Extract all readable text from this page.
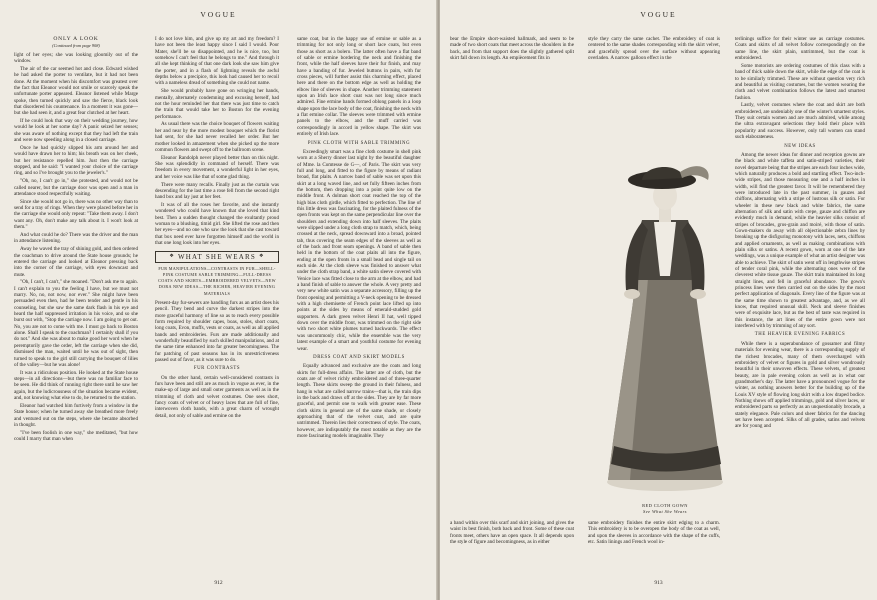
VOGUE
ONLY A LOOK
(Continued from page 908)

light of her eyes; she was looking gloomily out of the window.

The air of the car seemed hot and close. Edward wished he had asked the porter to ventilate, but it had not been done. At the moment when his discomfort was greatest over the fact that Eleanor would not smile or scarcely speak the unfortunate porter appeared. Eleanor listened while Marge spoke, then turned quickly and saw the fierce, black look that disordered his countenance. In a moment it was gone—but she had seen it, and a great fear clutched at her heart.

If he could look that way on their wedding journey, how would he look at her some day? A panic seized her senses; she was aware of nothing except that they had left the train and were now speeding along in a closed carriage.

Once he had quickly slipped his arm around her and would have drawn her to him; his breath was on her cheek, but her resistance repelled him. Just then the carriage stopped, and he said: "I wanted your choice of the carriage ring, and so I've brought you to the jeweler's."

"Oh, no, I can't go in," she protested, and would not be called nearer, but the carriage door was open and a man in attendance stood respectfully waiting.

Since she would not go in, there was no other way than to send for a tray of rings. When they were placed before her in the carriage she would only repeat: "Take them away. I don't want any. Oh, don't make any talk about it. I won't look at them."

And what could he do? There was the driver and the man in attendance listening.

Away he waved the tray of shining gold, and then ordered the coachman to drive around the State house grounds; he entered the carriage and looked at Eleanor pressing back into the corner of the carriage, with eyes downcast and mute.

"Oh, I can't, I can't," she moaned. "Don't ask me to again. I can't explain to you the feeling I have, but we must not marry. No, no, not now, nor ever." She might have been persuaded even then, had he been tender and gentle in his counseling, but she saw the same dark flash in his eye and heard the half suppressed irritation in his voice, and so she burst out with, "Stop the carriage now. I am going to get out. No, you are not to come with me. I must go back to Boston alone. Shall I speak to the coachman? I certainly shall if you do not." And she was about to make good her word when he peremptorily gave the order, left the carriage when she did, dismissed the man, waited until he was out of sight, then turned to speak to the girl still carrying the bouquet of lilies of the valley—but he was alone!

It was a ridiculous position. He looked at the State house steps—in all directions—but there was no familiar face to be seen. He did think of running right there until he saw her again, but the ludicrousness of the situation became evident, and, not knowing what else to do, he returned to the station.

Eleanor had watched him furtively from a window in the State house; when he turned away she breathed more freely and ventured out on the steps, where she became absorbed in thought.

"I've been foolish in one way," she meditated, "but how could I marry that man when

I do not love him, and give up my art and my freedom? I have not been the least happy since I said I would. Poor Mater, she'll be so disappointed, and he is nice, too, but somehow I can't feel that he belongs to me." And through it all she kept thinking of that one dark look she saw him give the porter, and in a flash of lightning reveals the awful depths below a precipice, this look had caused her to recoil with a nameless dread of something she could not name.

She would probably have gone on wringing her hands, mentally, alternately condemning and excusing herself, had not the hour reminded her that there was just time to catch the train that would take her to Boston for the evening performance.

As usual there was the choice bouquet of flowers waiting her and near by the more modest bouquet which the florist had sent, for she had never recalled her order. But her mother looked in amazement when she picked up the more common flowers and swept off to the ballroom scene.

Eleanor Randolph never played better than on this night. She was splendidly in command of herself. There was freedom in every movement, a wonderful light in her eyes, and her voice was like that of some glad thing.

There were many recalls. Finally just as the curtain was descending for the last time a rose fell from the second right hand box and lay just at her feet.

It was of all the roses her favorite, and she instantly wondered who could have known that she loved that kind best. Then a sudden thought changed the exultantly proud woman to a blushing, timid girl. She lifted the rose and then her eyes—and no one who saw the look that she cast toward that box need ever have forgotten himself and the world in that one long look into her eyes.

❖ WHAT SHE WEARS ❖
FUR MANIPULATIONS—CONTRASTS IN FUR—SHELL-PINK COSTUME SABLE TRIMMING—FULL-DRESS COATS AND SKIRTS—EMBROIDERED VELVETS—NEW DORA NEW IDEAS—THE RICHER, HEAVIER EVENING MATERIALS

Present-day fur-sewers are handling furs as an artist does his pencil. They bend and curve the darkest stripes into the more graceful harmony of line so as to reach every possible form required by shoulder capes, boas, stoles, short coats, long coats, Evon, muffs, vests or coats, as well as all applied bands and embroideries. Furs are made additionally and wonderfully beautified by such skilled manipulations, and at the same time enhanced into far greater becomingness. The fur patching of past seasons has in its unrestrictiveness passed out of favor, as it was sure to do.

FUR CONTRASTS

On the other hand, certain well-considered contrasts in furs have been and still are as much in vogue as ever, in the make-up of large and small outer garments as well as in the trimming of cloth and velvet costumes. One sees short, fancy coats of velvet or of heavy laces that are full of fine, interwoven cloth bands, with a great charm of wrought detail, not only of sable and ermine on the

same coat, but in the happy use of ermine or sable as a trimming for not only long or short lace coats, but even those as short as a bolero. The latter often have a flat band of sable or ermine bordering the neck and finishing the front, while the half sleeves have their fur finish, and may have a banding of fur. Jeweled buttons in pairs, with fur cross pieces, will further assist this charming effect, placed here and there on the bottom edge as well as holding the elbow line of sleeves in shape. Another trimming statement upon an Irish lace short coat was not long since much admired. Fine ermine bands formed oblong panels in a loop shape upon the lace body of the coat, finishing the neck with a flat ermine collar. The sleeves were trimmed with ermine panels to the elbow, and the muff carried was correspondingly in accord in yellow shape. The skirt was entirely of Irish lace.

PINK CLOTH WITH SABLE TRIMMING

Exceedingly smart was a fine cloth costume in shell pink worn at a Sherry dinner last night by the beautiful daughter of Mme. la Comtesse de G—, of Paris. The skirt was very full and long, and fitted to the figure by means of radiant broad, flat plaits. A narrow band of sable was set upon this skirt at a long waved line, and set fully fifteen inches from the bottom, then dropping into a point quite low on the middle front. A dolman short coat reached the top of the high bias cloth girdle, which fitted to perfection. The line of this little dress was fascinating, for the plaited fulness of the open fronts was kept on the same perpendicular line over the shoulders and extending down into half sleeves. The plaits were slipped under a long cloth strap to match, which, being crossed at the neck, spread downward into a broad, pointed tab, thus covering the seam edges of the sleeves as well as of the back and front seam openings. A band of sable then held in the bottom of the coat plaits all into the figure, ending at the open fronts in a small bead and single tail on each side. At the cloth sleeve was finished to answer what under the cloth strap band, a white satin sleeve covered with Venice lace was fitted close to the arm at the elbow, and had a band finish of sable to answer the whole. A very pretty and very new white satin was a separate accessory, filling up the front opening and permitting a V-neck opening to be dressed with a high chemisette of French point lace lifted up into points at the sides by means of emerald-studded gold supporters. A dark green velvet Henri II hat, well tipped down over the middle front, was trimmed on the right side with two short white plumes turned backwards. The effect was uncommonly chic, while the ensemble was the very latest example of a smart and youthful costume for evening wear.

DRESS COAT AND SKIRT MODELS

Equally advanced and exclusive are the coats and long skirts for full-dress affairs. The latter are of cloth, but the coats are of velvet richly embroidered and of three-quarter length. These skirts sweep the ground in their fulness, and hang in what are called narrow trains—that is, the train dips in the back and draws off at the sides. They are by far more graceful, and permit one to walk with greater ease. These cloth skirts in general are of the same shade, or closely approaching that of the velvet coat, and are quite untrimmed. Therein lies their correctness of style. The coats, however, are indisputably the most notable as they are the more fascinating models imaginable. They

912
VOGUE

bear the Empire short-waisted hallmark, and seem to be made of two short coats that meet across the shoulders in the back, and from that support does the slightly gathered split skirt fall down its length. An empiècement fits in

style they carry the same cachet. The embroidery of coat is centered to the same shades corresponding with the skirt velvet, and gracefully spread over the surface without appearing overladen. A narrow galloon effect in the

RED CLOTH GOWN
See What She Wears

a band within over this scarf and skirt joining, and gives the waist its best finish, both back and front. Some of these coat fronts meet, others have an open space. It all depends upon the style of figure and becomingness, as in either

same embroidery finishes the entire skirt edging to a charm. This embroidery is to be overopen the body of the coat as well, and upon the sleeves in accordance with the shape of the cuffs, etc. Satin linings and French wool in-

terlinings suffice for their winter use as carriage costumes. Coats and skirts of all velvet follow correspondingly on the same line, the skirt plain, untrimmed, but the coat is embroidered.

Some motorists are ordering costumes of this class with a band of thick sable down the skirt, while the edge of the coat is to be similarly trimmed. These are without question very rich and beautiful as visiting costumes, but the women wearing the cloth and velvet combination follows the latest and smartest fashion.

Lastly, velvet costumes where the coat and skirt are both embroidered, are undeniably one of the winter's smartest styles. They suit certain women and are much admired, while among the ultra extravagant selections they hold their place with popularity and success. However, only tall women can stand such elaborateness.

NEW IDEAS

Among the newer ideas for dinner and reception gowns are the black and white taffeta and satin-striped varieties, their novel departure being that the stripes are each four inches wide, which naturally produces a bold and startling effect. Two-inch-wide stripes, and those measuring one and a half inches in width, will find the greatest favor. It will be remembered they were introduced late in the past summer, in gauzes and chiffons, alternating with a stripe of lustrous silk or satin. For wheeler in these new black and white fabrics, the same alternation of silk and satin with crepe, gauze and chiffon are evidently much in demand, while the heavier silks consist of stripes of brocades, gros-grain and moiré, with those of satin. Gown-makers do away with all objectionable zebra lines by breaking up the disfiguring monotony with laces, nets, chiffons and applied ornaments, as well as making combinations with plain silks or satins. A recent gown, worn at one of the late weddings, was a unique example of what an artist designer was able to achieve. The skirt of satin went off in lengthwise stripes of tender coral pink, while the alternating ones were of the cleverest white tissue gauze. The skirt train maintained its long straight lines, and fell in graceful abundance. The gown's princess lines were then carried out on the sides by the most perfect application of diagonals. Every line of the figure was at the same time shown to greatest advantage, and, as we all know, that required unusual skill. Neck and sleeve finishes were of exquisite lace, but as the best of taste was required in this instance, the art lines of the entire gown were not interfered with by trimming of any sort.

THE HEAVIER EVENING FABRICS

While there is a superabundance of gossamer and filmy materials for evening wear, there is a corresponding supply of the richest brocades, many of them overcharged with embroidery of velvet or figures in gold and silver wondrously beautiful in their unwoven effects. These velvets, of greatest beauty, are in pale evening colors as well as in what our grandmother's day. The latter have a pronounced vogue for the winter, as nothing answers better for the building up of the Louis XV style of flowing long skirt with a low draped bodice. Nothing shows off applied trimmings, gold and silver laces, or embroidered parts so perfectly as an unquestionably brocade, a stately elegance. Pale colors and sheer fabrics for the dancing set have been accepted. Silks of all grades, satins and velvets are for young and

913
